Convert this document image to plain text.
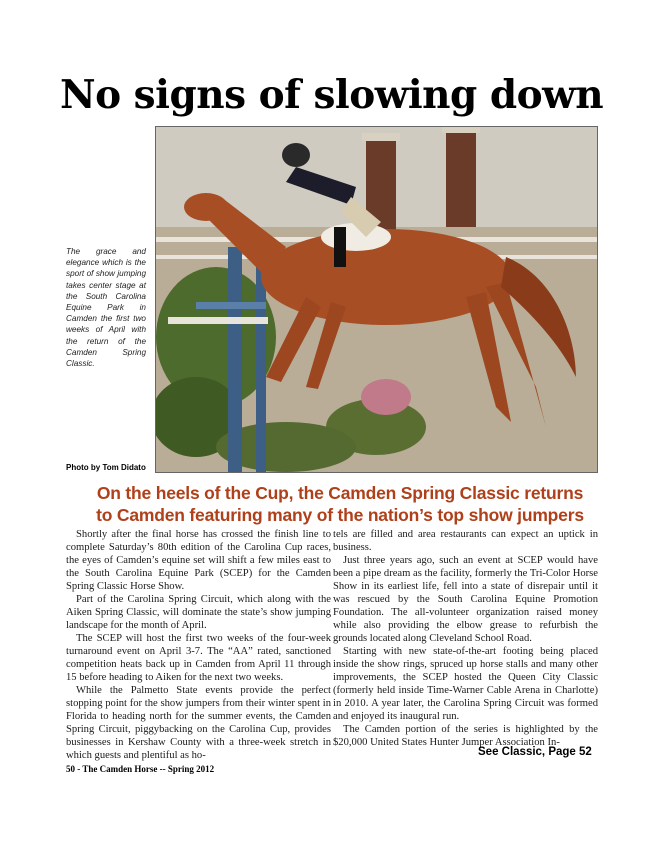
No signs of slowing down
The grace and elegance which is the sport of show jumping takes center stage at the South Carolina Equine Park in Camden the first two weeks of April with the return of the Camden Spring Classic.
Photo by Tom Didato
On the heels of the Cup, the Camden Spring Classic returns
to Camden featuring many of the nation’s top show jumpers

Shortly after the final horse has crossed the finish line to complete Saturday’s 80th edition of the Carolina Cup races, the eyes of Camden’s equine set will shift a few miles east to the South Carolina Equine Park (SCEP) for the Camden Spring Classic Horse Show.

Part of the Carolina Spring Circuit, which along with the Aiken Spring Classic, will dominate the state’s show jumping landscape for the month of April.

The SCEP will host the first two weeks of the four-week turnaround event on April 3-7. The “AA” rated, sanctioned competition heats back up in Camden from April 11 through 15 before heading to Aiken for the next two weeks.

While the Palmetto State events provide the perfect stopping point for the show jumpers from their winter spent in Florida to heading north for the summer events, the Camden Spring Circuit, piggybacking on the Carolina Cup, provides businesses in Kershaw County with a three-week stretch in which guests and plentiful as ho-

tels are filled and area restaurants can expect an uptick in business.

Just three years ago, such an event at SCEP would have been a pipe dream as the facility, formerly the Tri-Color Horse Show in its earliest life, fell into a state of disrepair until it was rescued by the South Carolina Equine Promotion Foundation. The all-volunteer organization raised money while also providing the elbow grease to refurbish the grounds located along Cleveland School Road.

Starting with new state-of-the-art footing being placed inside the show rings, spruced up horse stalls and many other improvements, the SCEP hosted the Queen City Classic (formerly held inside Time-Warner Cable Arena in Charlotte) in 2010. A year later, the Carolina Spring Circuit was formed and enjoyed its inaugural run.

The Camden portion of the series is highlighted by the $20,000 United States Hunter Jumper Association In-

See Classic, Page 52
50 - The Camden Horse -- Spring 2012
